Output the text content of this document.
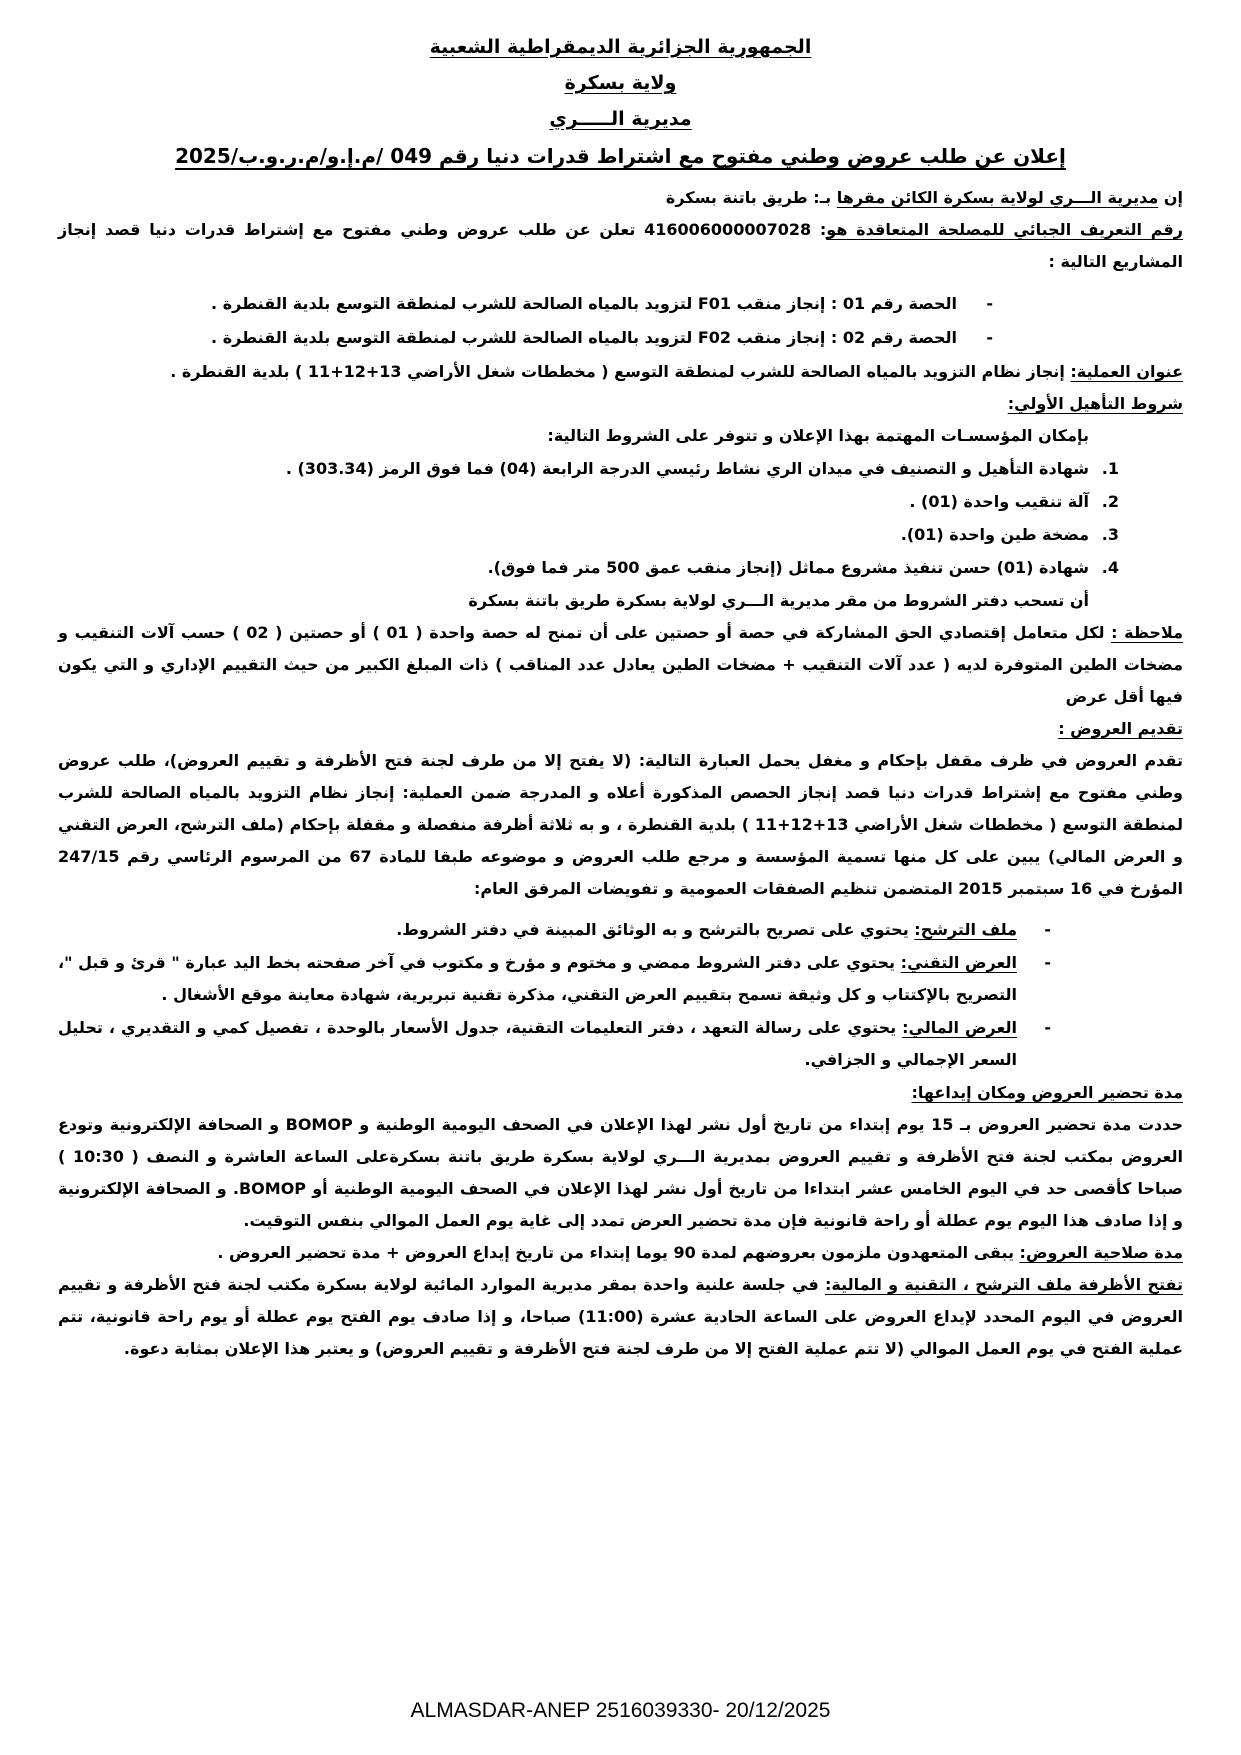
الجمهورية الجزائرية الديمقراطية الشعبية
ولاية بسكرة
مديرية الـــــري
إعلان عن طلب عروض وطني مفتوح مع اشتراط قدرات دنيا رقم 049 /م.إ.و/م.ر.و.ب/2025

إن مديرية الـــري لولاية بسكرة الكائن مقرها بـ: طريق باتنة بسكرة

رقم التعريف الجبائي للمصلحة المتعاقدة هو: 416006000007028 تعلن عن طلب عروض وطني مفتوح مع إشتراط قدرات دنيا قصد إنجاز المشاريع التالية :

-
الحصة رقم 01 : إنجاز منقب F01 لتزويد بالمياه الصالحة للشرب لمنطقة التوسع بلدية القنطرة .
-
الحصة رقم 02 : إنجاز منقب F02 لتزويد بالمياه الصالحة للشرب لمنطقة التوسع بلدية القنطرة .

عنوان العملية: إنجاز نظام التزويد بالمياه الصالحة للشرب لمنطقة التوسع ( مخططات شغل الأراضي 13+12+11 ) بلدية القنطرة .

شروط التأهيل الأولي:

بإمكان المؤسسـات المهتمة بهذا الإعلان و تتوفر على الشروط التالية:

1.
شهادة التأهيل و التصنيف في ميدان الري نشاط رئيسي الدرجة الرابعة (04) فما فوق الرمز (303.34) .
2.
آلة تنقيب واحدة (01) .
3.
مضخة طين واحدة (01).
4.
شهادة (01) حسن تنفيذ مشروع مماثل (إنجاز منقب عمق 500 متر فما فوق).

أن تسحب دفتر الشروط من مقر مديرية الـــري لولاية بسكرة طريق باتنة بسكرة

ملاحظة : لكل متعامل إقتصادي الحق المشاركة في حصة أو حصتين على أن تمنح له حصة واحدة ( 01 ) أو حصتين ( 02 ) حسب آلات التنقيب و مضخات الطين المتوفرة لديه ( عدد آلات التنقيب + مضخات الطين يعادل عدد المناقب ) ذات المبلغ الكبير من حيث التقييم الإداري و التي يكون فيها أقل عرض

تقديم العروض :

تقدم العروض في ظرف مقفل بإحكام و مغفل يحمل العبارة التالية: (لا يفتح إلا من طرف لجنة فتح الأظرفة و تقييم العروض)، طلب عروض وطني مفتوح مع إشتراط قدرات دنيا قصد إنجاز الحصص المذكورة أعلاه و المدرجة ضمن العملية: إنجاز نظام التزويد بالمياه الصالحة للشرب لمنطقة التوسع ( مخططات شغل الأراضي 13+12+11 ) بلدية القنطرة ، و به ثلاثة أظرفة منفصلة و مقفلة بإحكام (ملف الترشح، العرض التقني و العرض المالي) يبين على كل منها تسمية المؤسسة و مرجع طلب العروض و موضوعه طبقا للمادة 67 من المرسوم الرئاسي رقم 247/15 المؤرخ في 16 سبتمبر 2015 المتضمن تنظيم الصفقات العمومية و تفويضات المرفق العام:

-
ملف الترشح: يحتوي على تصريح بالترشح و به الوثائق المبينة في دفتر الشروط.
-
العرض التقني: يحتوي على دفتر الشروط ممضي و مختوم و مؤرخ و مكتوب في آخر صفحته بخط اليد عبارة " قرئ و قبل "، التصريح بالإكتتاب و كل وثيقة تسمح بتقييم العرض التقني، مذكرة تقنية تبريرية، شهادة معاينة موقع الأشغال .
-
العرض المالي: يحتوي على رسالة التعهد ، دفتر التعليمات التقنية، جدول الأسعار بالوحدة ، تفصيل كمي و التقديري ، تحليل السعر الإجمالي و الجزافي.

مدة تحضير العروض ومكان إيداعها:

حددت مدة تحضير العروض بـ 15 يوم إبتداء من تاريخ أول نشر لهذا الإعلان في الصحف اليومية الوطنية و BOMOP و الصحافة الإلكترونية وتودع العروض بمكتب لجنة فتح الأظرفة و تقييم العروض بمديرية الـــري لولاية بسكرة طريق باتنة بسكرةعلى الساعة العاشرة و النصف ( 10:30 ) صباحا كأقصى حد في اليوم الخامس عشر ابتداءا من تاريخ أول نشر لهذا الإعلان في الصحف اليومية الوطنية أو BOMOP. و الصحافة الإلكترونية و إذا صادف هذا اليوم يوم عطلة أو راحة قانونية فإن مدة تحضير العرض تمدد إلى غاية يوم العمل الموالي بنفس التوقيت.

مدة صلاحية العروض: يبقى المتعهدون ملزمون بعروضهم لمدة 90 يوما إبتداء من تاريخ إيداع العروض + مدة تحضير العروض .

تفتح الأظرفة ملف الترشح ، التقنية و المالية: في جلسة علنية واحدة بمقر مديرية الموارد المائية لولاية بسكرة مكتب لجنة فتح الأظرفة و تقييم العروض في اليوم المحدد لإيداع العروض على الساعة الحادية عشرة (11:00) صباحا، و إذا صادف يوم الفتح يوم عطلة أو يوم راحة قانونية، تتم عملية الفتح في يوم العمل الموالي (لا تتم عملية الفتح إلا من طرف لجنة فتح الأظرفة و تقييم العروض) و يعتبر هذا الإعلان بمثابة دعوة.

ALMASDAR-ANEP 2516039330- 20/12/2025
